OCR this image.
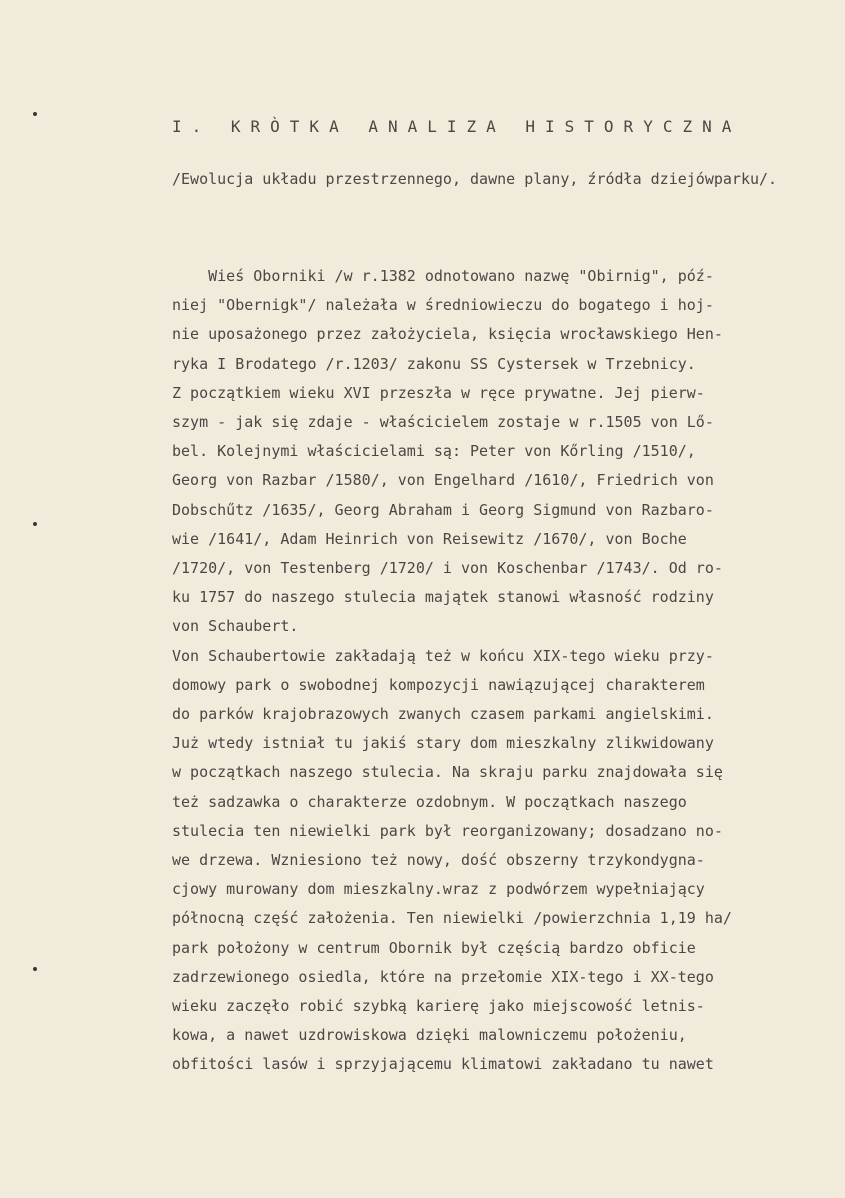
I. KRÒTKA ANALIZA HISTORYCZNA

/Ewolucja układu przestrzennego, dawne plany, źródła dziejówparku/.

Wieś Oborniki /w r.1382 odnotowano nazwę "Obirnig", póź-
niej "Obernigk"/ należała w średniowieczu do bogatego i hoj-
nie uposażonego przez założyciela, księcia wrocławskiego Hen-
ryka I Brodatego /r.1203/ zakonu SS Cystersek w Trzebnicy.
Z początkiem wieku XVI przeszła w ręce prywatne. Jej pierw-
szym - jak się zdaje - właścicielem zostaje w r.1505 von Lő-
bel. Kolejnymi właścicielami są: Peter von Kőrling /1510/,
Georg von Razbar /1580/, von Engelhard /1610/, Friedrich von
Dobschűtz /1635/, Georg Abraham i Georg Sigmund von Razbaro-
wie /1641/, Adam Heinrich von Reisewitz /1670/, von Boche
/1720/, von Testenberg /1720/ i von Koschenbar /1743/. Od ro-
ku 1757 do naszego stulecia majątek stanowi własność rodziny
von Schaubert.
Von Schaubertowie zakładają też w końcu XIX-tego wieku przy-
domowy park o swobodnej kompozycji nawiązującej charakterem
do parków krajobrazowych zwanych czasem parkami angielskimi.
Już wtedy istniał tu jakiś stary dom mieszkalny zlikwidowany
w początkach naszego stulecia. Na skraju parku znajdowała się
też sadzawka o charakterze ozdobnym. W początkach naszego
stulecia ten niewielki park był reorganizowany; dosadzano no-
we drzewa. Wzniesiono też nowy, dość obszerny trzykondygna-
cjowy murowany dom mieszkalny.wraz z podwórzem wypełniający
północną część założenia. Ten niewielki /powierzchnia 1,19 ha/
park położony w centrum Obornik był częścią bardzo obficie
zadrzewionego osiedla, które na przełomie XIX-tego i XX-tego
wieku zaczęło robić szybką karierę jako miejscowość letnis-
kowa, a nawet uzdrowiskowa dzięki malowniczemu położeniu,
obfitości lasów i sprzyjającemu klimatowi zakładano tu nawet
